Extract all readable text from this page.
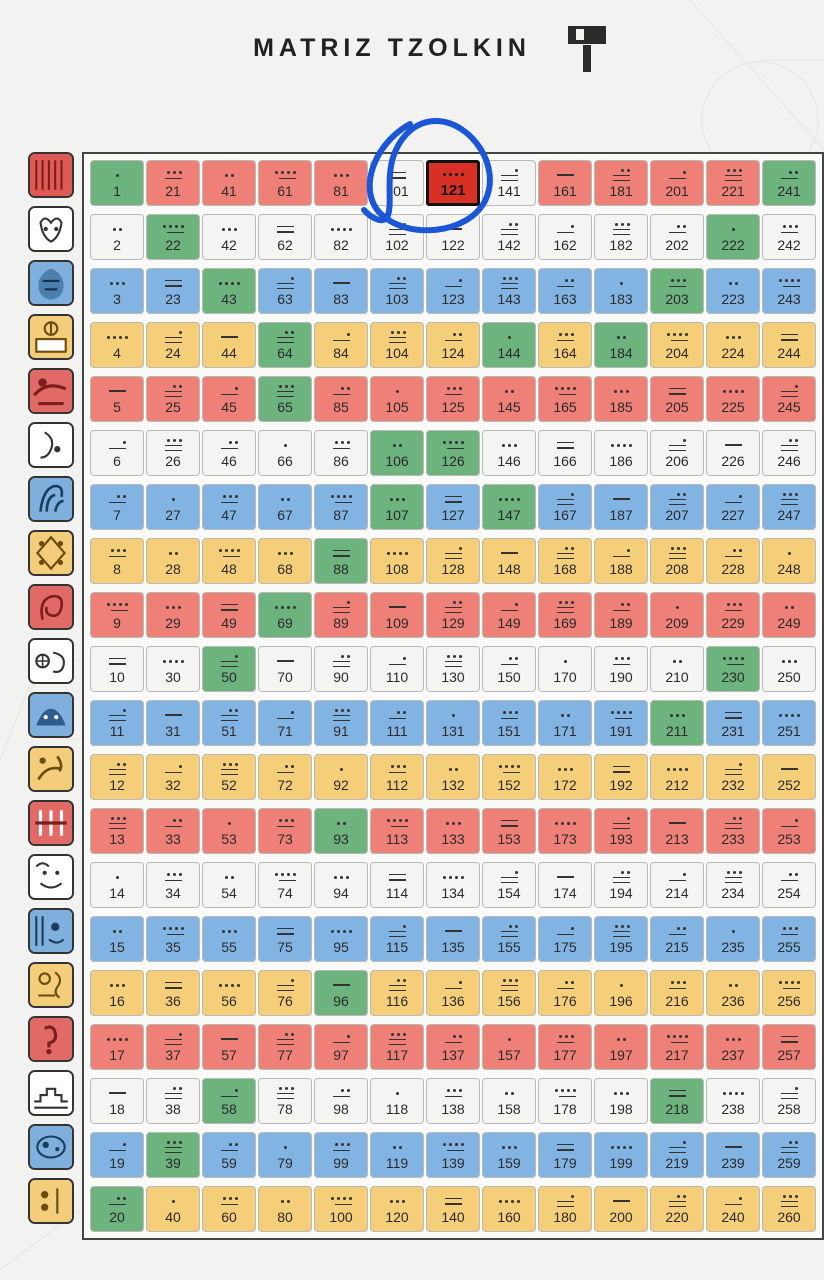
MATRIZ TZOLKIN
1	21	41	61	81	101 121 141 161 181 201 221 241
2	22	42	62	82	102 122 142 162 182 202 222 242
3	23	43	63	83	103 123 143 163 183 203 223 243
4	24	44	64	84	104 124 144 164 184 204 224 244
5	25	45	65	85	105 125 145 165 185 205 225 245
6	26	46	66	86	106 126 146 166 186 206 226 246
7	27	47	67	87	107 127 147 167 187 207 227 247
8	28	48	68	88	108 128 148 168 188 208 228 248
9	29	49	69	89	109 129 149 169 189 209 229 249
10	30	50	70	90	110 130 150 170 190 210 230 250
11	31	51	71	91	111 131 151 171 191 211 231 251
12	32	52	72	92	112 132 152 172 192 212 232 252
13	33	53	73	93	113 133 153 173 193 213 233 253
14	34	54	74	94	114 134 154 174 194 214 234 254
15	35	55	75	95	115 135 155 175 195 215 235 255
16	36	56	76	96	116 136 156 176 196 216 236 256
17	37	57	77	97	117 137 157 177 197 217 237 257
18	38	58	78	98	118 138 158 178 198 218 238 258
19	39	59	79	99	119 139 159 179 199 219 239 259
20	40	60	80	100 120 140 160 180 200 220 240 260
